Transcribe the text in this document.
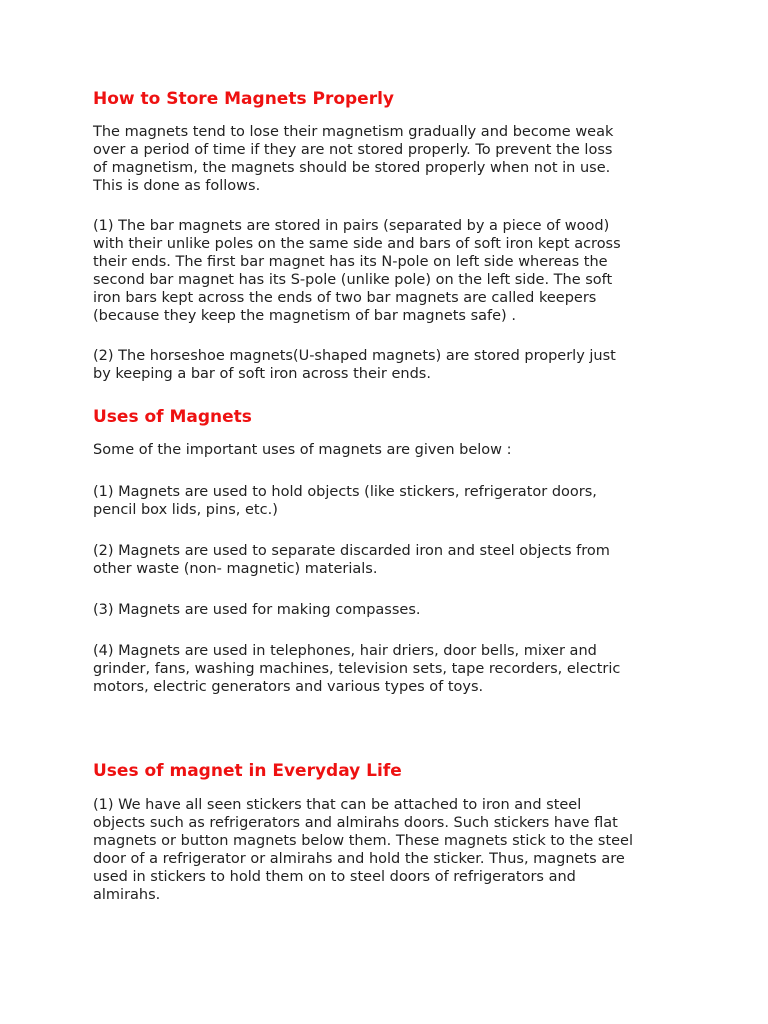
How to Store Magnets Properly

The magnets tend to lose their magnetism gradually and become weak
over a period of time if they are not stored properly. To prevent the loss
of magnetism, the magnets should be stored properly when not in use.
This is done as follows.

(1) The bar magnets are stored in pairs (separated by a piece of wood)
with their unlike poles on the same side and bars of soft iron kept across
their ends. The first bar magnet has its N-pole on left side whereas the
second bar magnet has its S-pole (unlike pole) on the left side. The soft
iron bars kept across the ends of two bar magnets are called keepers
(because they keep the magnetism of bar magnets safe) .

(2) The horseshoe magnets(U-shaped magnets) are stored properly just
by keeping a bar of soft iron across their ends.

Uses of Magnets

Some of the important uses of magnets are given below :

(1) Magnets are used to hold objects (like stickers, refrigerator doors,
pencil box lids, pins, etc.)

(2) Magnets are used to separate discarded iron and steel objects from
other waste (non- magnetic) materials.

(3) Magnets are used for making compasses.

(4) Magnets are used in telephones, hair driers, door bells, mixer and
grinder, fans, washing machines, television sets, tape recorders, electric
motors, electric generators and various types of toys.

Uses of magnet in Everyday Life

(1) We have all seen stickers that can be attached to iron and steel
objects such as refrigerators and almirahs doors. Such stickers have flat
magnets or button magnets below them. These magnets stick to the steel
door of a refrigerator or almirahs and hold the sticker. Thus, magnets are
used in stickers to hold them on to steel doors of refrigerators and
almirahs.
